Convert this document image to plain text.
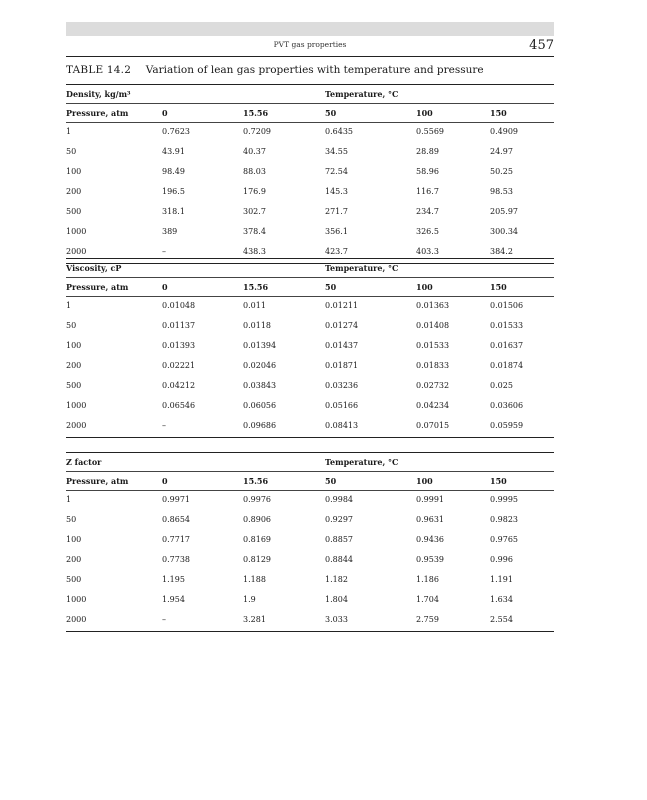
PVT gas properties	457
TABLE 14.2 Variation of lean gas properties with temperature and pressure
Density, kg/m³	Temperature, °C
Pressure, atm	0	15.56	50	100	150
1	0.7623	0.7209	0.6435	0.5569	0.4909
50	43.91	40.37	34.55	28.89	24.97
100	98.49	88.03	72.54	58.96	50.25
200	196.5	176.9	145.3	116.7	98.53
500	318.1	302.7	271.7	234.7	205.97
1000	389	378.4	356.1	326.5	300.34
2000	–	438.3	423.7	403.3	384.2
Viscosity, cP	Temperature, °C
Pressure, atm	0	15.56	50	100	150
1	0.01048	0.011	0.01211	0.01363	0.01506
50	0.01137	0.0118	0.01274	0.01408	0.01533
100	0.01393	0.01394	0.01437	0.01533	0.01637
200	0.02221	0.02046	0.01871	0.01833	0.01874
500	0.04212	0.03843	0.03236	0.02732	0.025
1000	0.06546	0.06056	0.05166	0.04234	0.03606
2000	–	0.09686	0.08413	0.07015	0.05959
Z factor	Temperature, °C
Pressure, atm	0	15.56	50	100	150
1	0.9971	0.9976	0.9984	0.9991	0.9995
50	0.8654	0.8906	0.9297	0.9631	0.9823
100	0.7717	0.8169	0.8857	0.9436	0.9765
200	0.7738	0.8129	0.8844	0.9539	0.996
500	1.195	1.188	1.182	1.186	1.191
1000	1.954	1.9	1.804	1.704	1.634
2000	–	3.281	3.033	2.759	2.554
